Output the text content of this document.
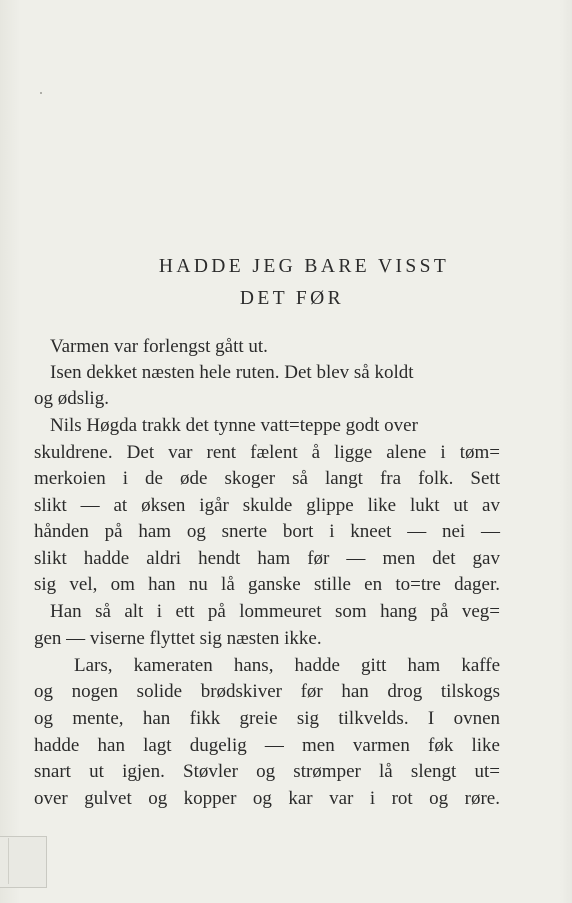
HADDE JEG BARE VISST
DET FØR
Varmen var forlengst gått ut.
Isen dekket næsten hele ruten. Det blev så koldt
og ødslig.
Nils Høgda trakk det tynne vatt=teppe godt over
skuldrene. Det var rent fælent å ligge alene i tøm=
merkoien i de øde skoger så langt fra folk. Sett
slikt — at øksen igår skulde glippe like lukt ut av
hånden på ham og snerte bort i kneet — nei —
slikt hadde aldri hendt ham før — men det gav
sig vel, om han nu lå ganske stille en to=tre dager.
Han så alt i ett på lommeuret som hang på veg=
gen — viserne flyttet sig næsten ikke.
Lars, kameraten hans, hadde gitt ham kaffe
og nogen solide brødskiver før han drog tilskogs
og mente, han fikk greie sig tilkvelds. I ovnen
hadde han lagt dugelig — men varmen føk like
snart ut igjen. Støvler og strømper lå slengt ut=
over gulvet og kopper og kar var i rot og røre.
